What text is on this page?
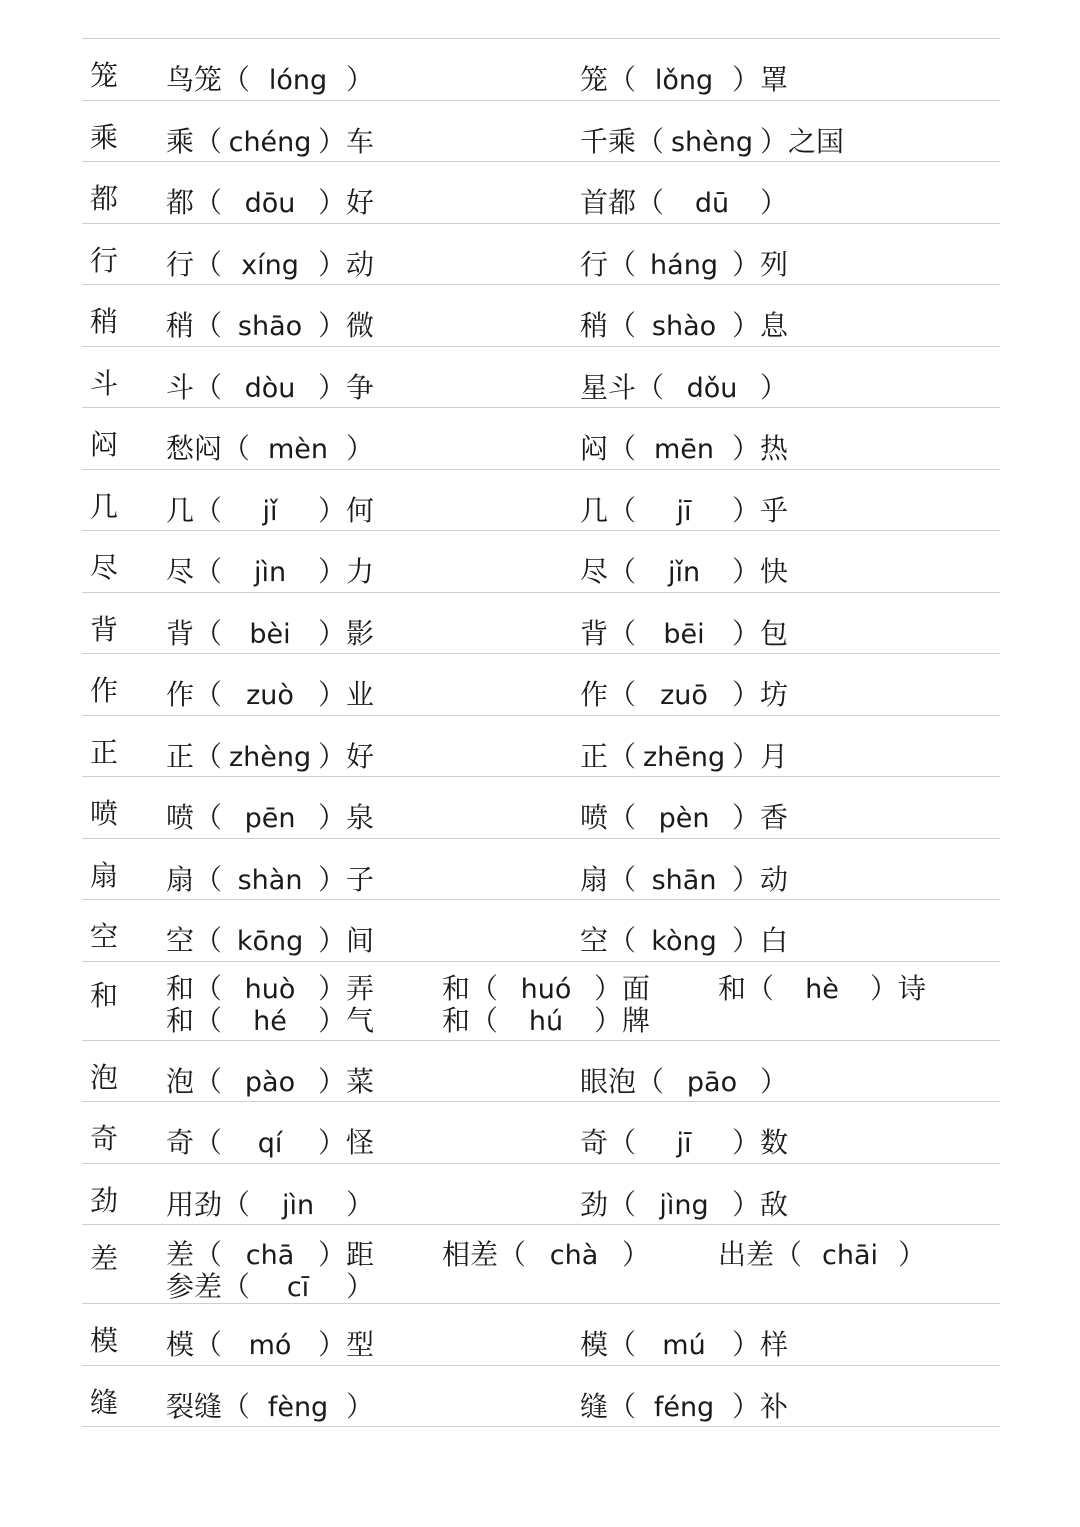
笼 鸟笼（ lóng ）	笼（ lǒng ）罩
乘 乘（ chéng ）车	千乘（ shèng ）之国
都 都（ dōu ）好	首都（ dū ）
行 行（ xíng ）动	行（ háng ）列
稍 稍（ shāo ）微	稍（ shào ）息
斗 斗（ dòu ）争	星斗（ dǒu ）
闷 愁闷（ mèn ）	闷（ mēn ）热
几 几（ jǐ ）何	几（ jī ）乎
尽 尽（ jìn ）力	尽（ jǐn ）快
背 背（ bèi ）影	背（ bēi ）包
作 作（ zuò ）业	作（ zuō ）坊
正 正（ zhèng ）好	正（ zhēng ）月
喷 喷（ pēn ）泉	喷（ pèn ）香
扇 扇（ shàn ）子	扇（ shān ）动
空 空（ kōng ）间	空（ kòng ）白
和 和（ huò ）弄 和（ huó ）面 和（ hè ）诗
和（ hé ）气 和（ hú ）牌
泡 泡（ pào ）菜	眼泡（ pāo ）
奇 奇（ qí ）怪	奇（ jī ）数
劲 用劲（ jìn ）	劲（ jìng ）敌
差 差（ chā ）距 相差（ chà ） 出差（ chāi ）
参差（ cī ）
模 模（ mó ）型	模（ mú ）样
缝 裂缝（ fèng ）	缝（ féng ）补
